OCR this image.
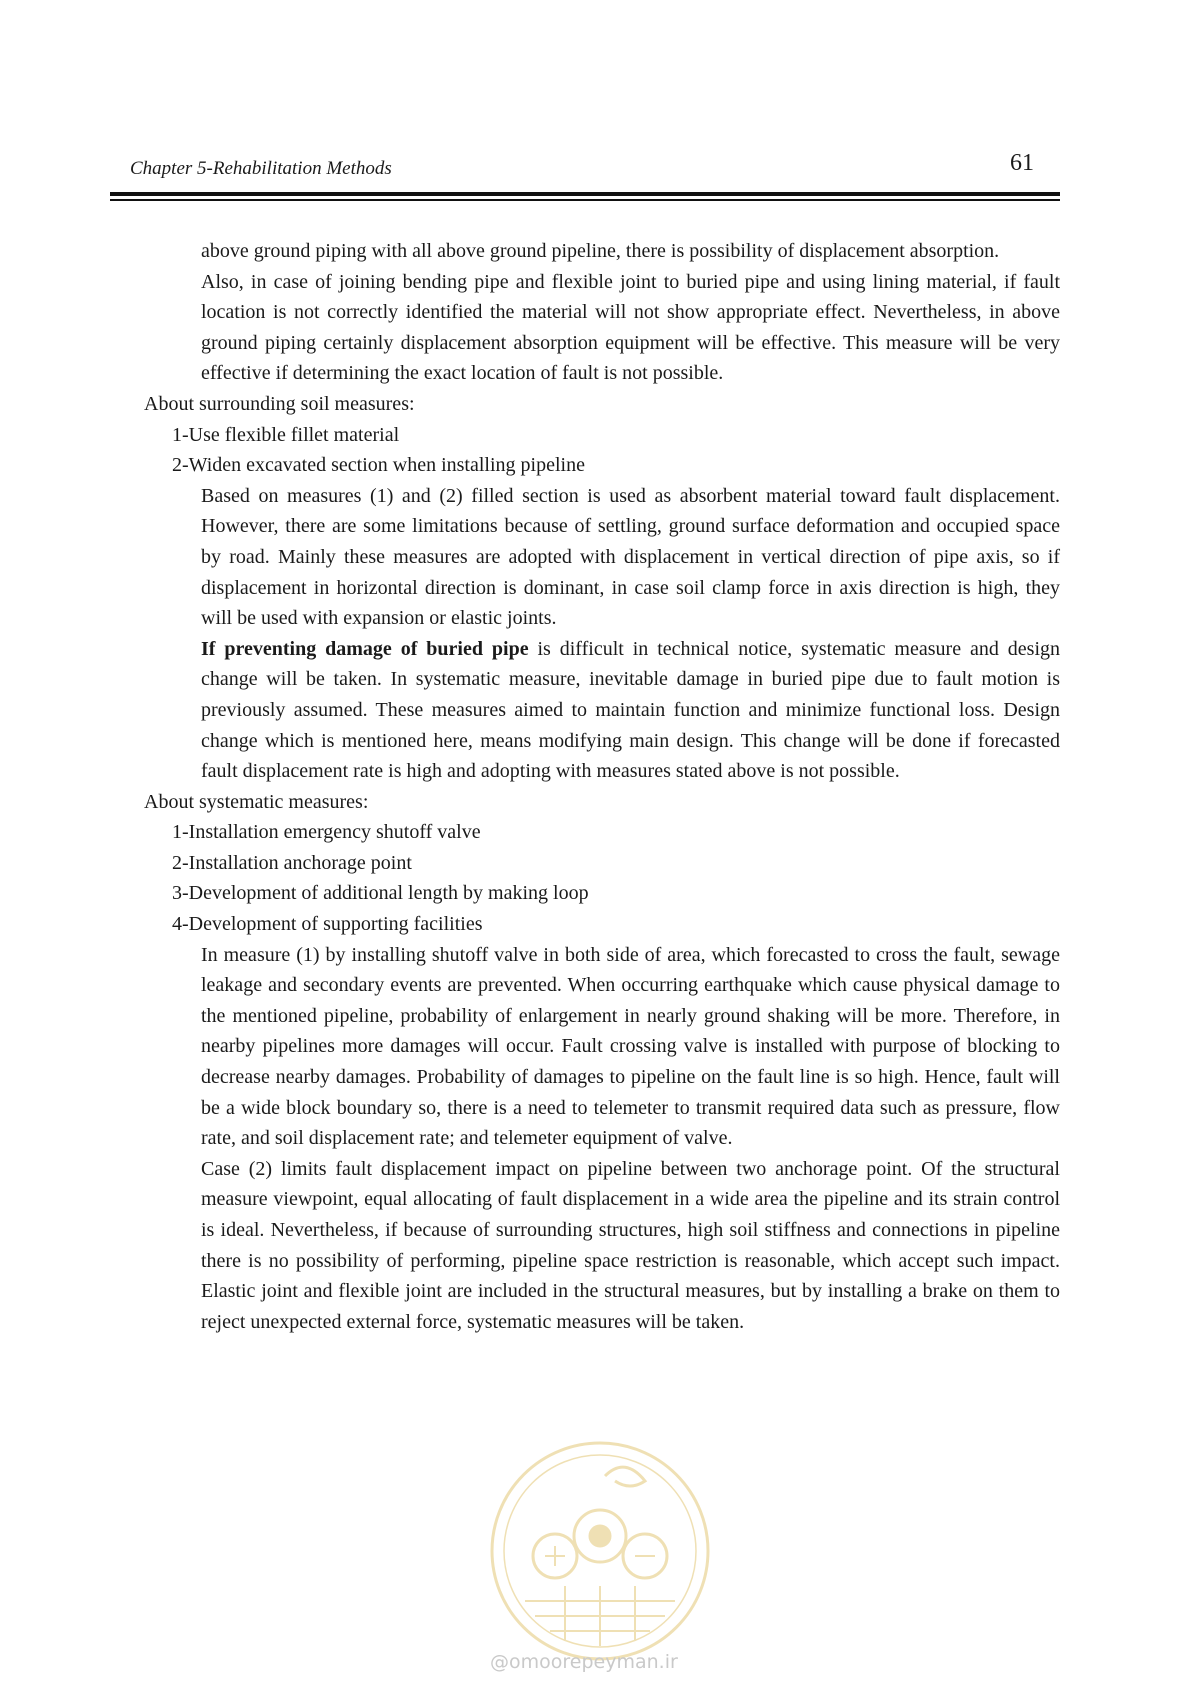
Chapter 5-Rehabilitation Methods	61

above ground piping with all above ground pipeline, there is possibility of displacement absorption.

Also, in case of joining bending pipe and flexible joint to buried pipe and using lining material, if fault location is not correctly identified the material will not show appropriate effect. Nevertheless, in above ground piping certainly displacement absorption equipment will be effective. This measure will be very effective if determining the exact location of fault is not possible.

About surrounding soil measures:

1-Use flexible fillet material

2-Widen excavated section when installing pipeline

Based on measures (1) and (2) filled section is used as absorbent material toward fault displacement. However, there are some limitations because of settling, ground surface deformation and occupied space by road. Mainly these measures are adopted with displacement in vertical direction of pipe axis, so if displacement in horizontal direction is dominant, in case soil clamp force in axis direction is high, they will be used with expansion or elastic joints.

If preventing damage of buried pipe is difficult in technical notice, systematic measure and design change will be taken. In systematic measure, inevitable damage in buried pipe due to fault motion is previously assumed. These measures aimed to maintain function and minimize functional loss. Design change which is mentioned here, means modifying main design. This change will be done if forecasted fault displacement rate is high and adopting with measures stated above is not possible.

About systematic measures:

1-Installation emergency shutoff valve

2-Installation anchorage point

3-Development of additional length by making loop

4-Development of supporting facilities

In measure (1) by installing shutoff valve in both side of area, which forecasted to cross the fault, sewage leakage and secondary events are prevented. When occurring earthquake which cause physical damage to the mentioned pipeline, probability of enlargement in nearly ground shaking will be more. Therefore, in nearby pipelines more damages will occur. Fault crossing valve is installed with purpose of blocking to decrease nearby damages. Probability of damages to pipeline on the fault line is so high. Hence, fault will be a wide block boundary so, there is a need to telemeter to transmit required data such as pressure, flow rate, and soil displacement rate; and telemeter equipment of valve.

Case (2) limits fault displacement impact on pipeline between two anchorage point. Of the structural measure viewpoint, equal allocating of fault displacement in a wide area the pipeline and its strain control is ideal. Nevertheless, if because of surrounding structures, high soil stiffness and connections in pipeline there is no possibility of performing, pipeline space restriction is reasonable, which accept such impact. Elastic joint and flexible joint are included in the structural measures, but by installing a brake on them to reject unexpected external force, systematic measures will be taken.

@omoorepeyman.ir
